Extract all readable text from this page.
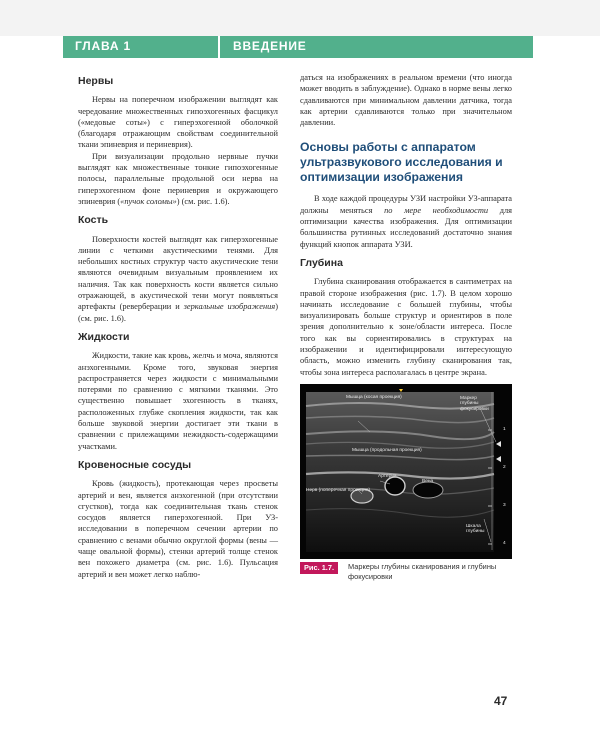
ГЛАВА 1	ВВЕДЕНИЕ
Нервы

Нервы на поперечном изображении выглядят как чередование множественных гипоэхогенных фасцикул («медовые соты») с гиперэхогенной оболочкой (благодаря отражающим свойствам соединительной ткани эпиневрия и периневрия).

При визуализации продольно нервные пучки выглядят как множественные тонкие гипоэхогенные полосы, параллельные продольной оси нерва на гиперэхогенном фоне периневрия и окружающего эпиневрия («пучок соломы») (см. рис. 1.6).

Кость

Поверхности костей выглядят как гиперэхогенные линии с четкими акустическими тенями. Для небольших костных структур часто акустические тени являются очевидным визуальным проявлением их наличия. Так как поверхность кости является сильно отражающей, в акустической тени могут появляться артефакты (реверберации и зеркальные изображения) (см. рис. 1.6).

Жидкости

Жидкости, такие как кровь, желчь и моча, являются анэхогенными. Кроме того, звуковая энергия распространяется через жидкости с минимальными потерями по сравнению с мягкими тканями. Это существенно повышает эхогенность в тканях, расположенных глубже скопления жидкости, так как больше звуковой энергии достигает эти ткани в сравнении с прилежащими нежидкость-содержащими участками.

Кровеносные сосуды

Кровь (жидкость), протекающая через просветы артерий и вен, является анэхогенной (при отсутствии сгустков), тогда как соединительная ткань стенок сосудов является гиперэхогенной. При УЗ-исследовании в поперечном сечении артерии по сравнению с венами обычно округлой формы (вены — чаще овальной формы), стенки артерий толще стенок вен похожего диаметра (см. рис. 1.6). Пульсация артерий и вен может легко наблю-

даться на изображениях в реальном времени (что иногда может вводить в заблуждение). Однако в норме вены легко сдавливаются при минимальном давлении датчика, тогда как артерии сдавливаются только при значительном давлении.

Основы работы с аппаратом ультразвукового исследования и оптимизации изображения

В ходе каждой процедуры УЗИ настройки УЗ-аппарата должны меняться по мере необходимости для оптимизации качества изображения. Для оптимизации большинства рутинных исследований достаточно знания функций кнопок аппарата УЗИ.

Глубина

Глубина сканирования отображается в сантиметрах на правой стороне изображения (рис. 1.7). В целом хорошо начинать исследование с большей глубины, чтобы визуализировать больше структур и ориентиров в поле зрения дополнительно к зоне/области интереса. После того как вы сориентировались в структурах на изображении и идентифицировали интересующую область, можно изменить глубину сканирования так, чтобы зона интереса располагалась в центре экрана.

Мышца (косая проекция)
Мышца (продольная проекция)
Артерия
Вена
Нерв (поперечная проекция)
Маркер
глубины
фокусировки
Шкала
глубины
1
2
3
4
Рис. 1.7.	Маркеры глубины сканирования и глубины фокусировки
47
